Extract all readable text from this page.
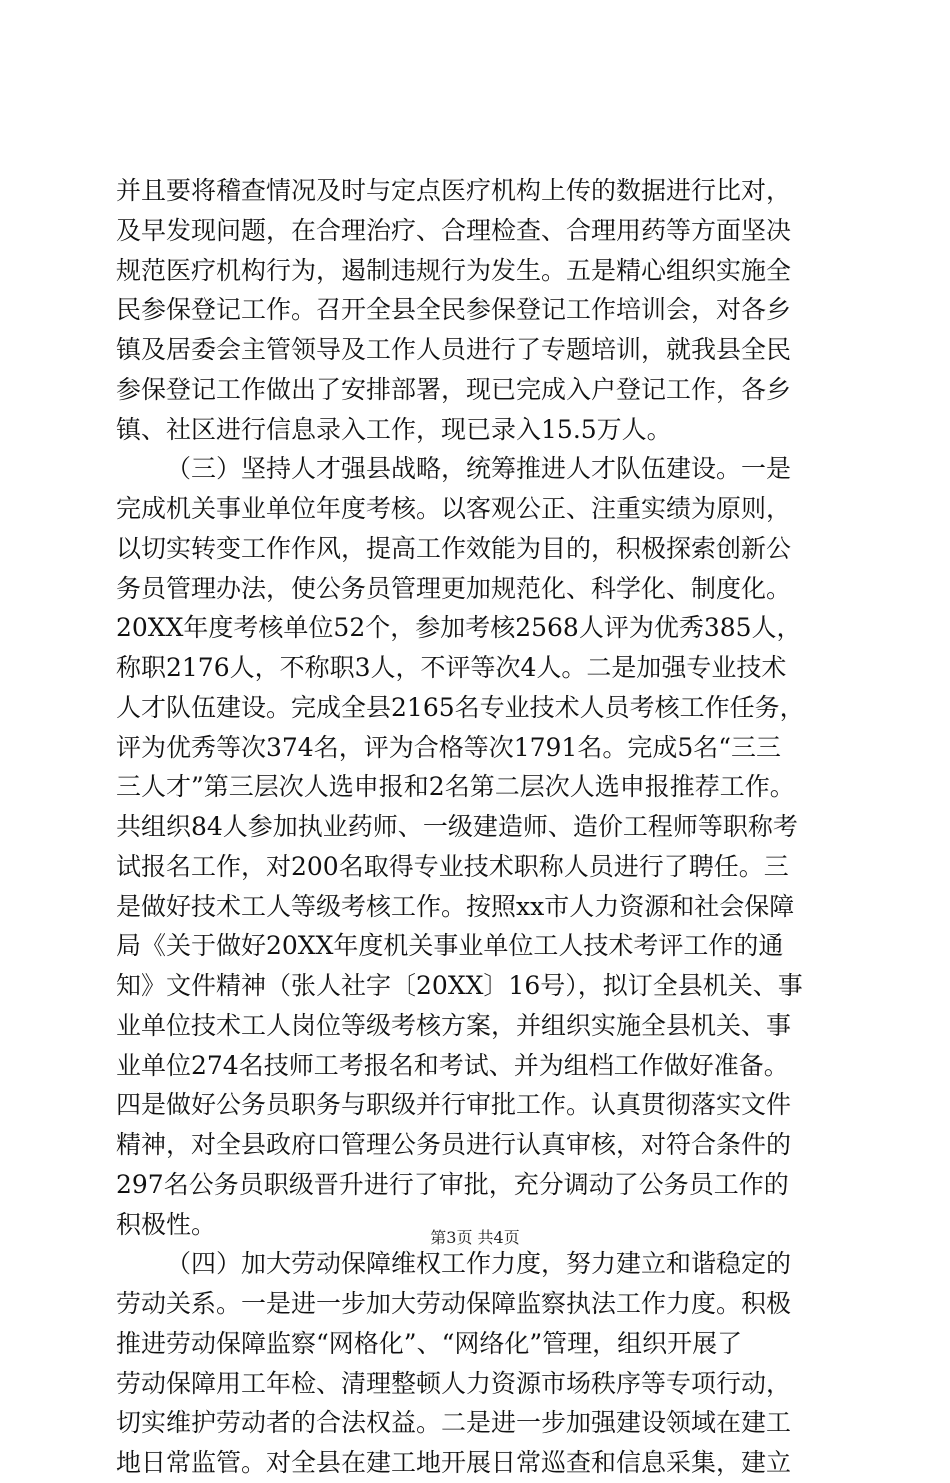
并且要将稽查情况及时与定点医疗机构上传的数据进行比对，
及早发现问题，在合理治疗、合理检查、合理用药等方面坚决
规范医疗机构行为，遏制违规行为发生。五是精心组织实施全
民参保登记工作。召开全县全民参保登记工作培训会，对各乡
镇及居委会主管领导及工作人员进行了专题培训，就我县全民
参保登记工作做出了安排部署，现已完成入户登记工作，各乡
镇、社区进行信息录入工作，现已录入15.5万人。
（三）坚持人才强县战略，统筹推进人才队伍建设。一是
完成机关事业单位年度考核。以客观公正、注重实绩为原则，
以切实转变工作作风，提高工作效能为目的，积极探索创新公
务员管理办法，使公务员管理更加规范化、科学化、制度化。
20XX年度考核单位52个，参加考核2568人评为优秀385人，
称职2176人，不称职3人，不评等次4人。二是加强专业技术
人才队伍建设。完成全县2165名专业技术人员考核工作任务，
评为优秀等次374名，评为合格等次1791名。完成5名“三三
三人才”第三层次人选申报和2名第二层次人选申报推荐工作。
共组织84人参加执业药师、一级建造师、造价工程师等职称考
试报名工作，对200名取得专业技术职称人员进行了聘任。三
是做好技术工人等级考核工作。按照xx市人力资源和社会保障
局《关于做好20XX年度机关事业单位工人技术考评工作的通
知》文件精神（张人社字〔20XX〕16号），拟订全县机关、事
业单位技术工人岗位等级考核方案，并组织实施全县机关、事
业单位274名技师工考报名和考试、并为组档工作做好准备。
四是做好公务员职务与职级并行审批工作。认真贯彻落实文件
精神，对全县政府口管理公务员进行认真审核，对符合条件的
297名公务员职级晋升进行了审批，充分调动了公务员工作的
积极性。
（四）加大劳动保障维权工作力度，努力建立和谐稳定的
劳动关系。一是进一步加大劳动保障监察执法工作力度。积极
推进劳动保障监察“网格化”、“网络化”管理，组织开展了
劳动保障用工年检、清理整顿人力资源市场秩序等专项行动，
切实维护劳动者的合法权益。二是进一步加强建设领域在建工
地日常监管。对全县在建工地开展日常巡查和信息采集，建立
第3页 共4页
